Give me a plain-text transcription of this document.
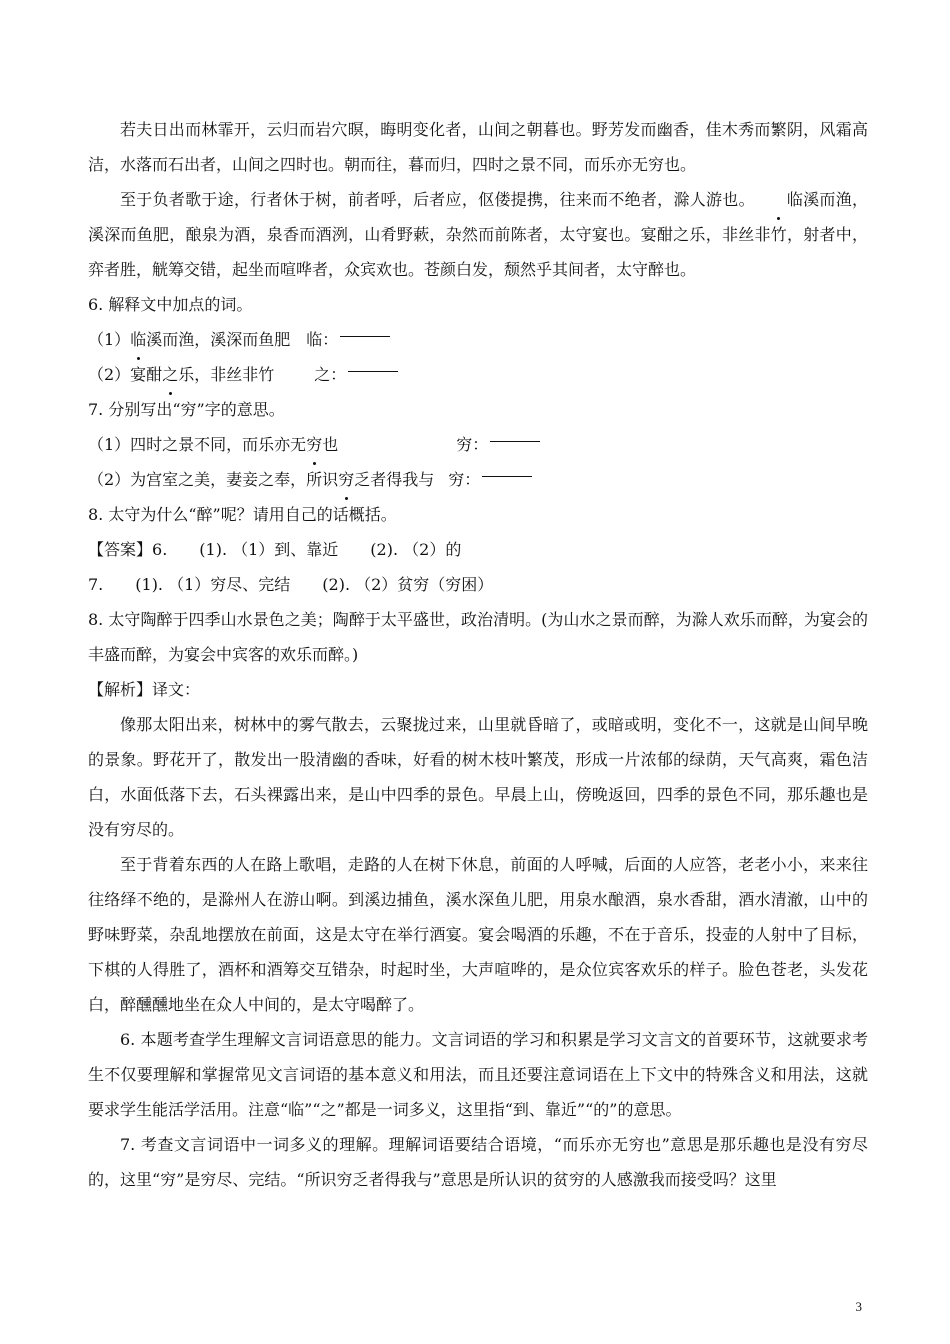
若夫日出而林霏开，云归而岩穴暝，晦明变化者，山间之朝暮也。野芳发而幽香，佳木秀而繁阴，风霜高洁，水落而石出者，山间之四时也。朝而往，暮而归，四时之景不同，而乐亦无穷也。

至于负者歌于途，行者休于树，前者呼，后者应，伛偻提携，往来而不绝者，滁人游也。 临溪而渔，溪深而鱼肥，酿泉为酒，泉香而酒洌，山肴野蔌，杂然而前陈者，太守宴也。宴酣之乐，非丝非竹，射者中，弈者胜，觥筹交错，起坐而喧哗者，众宾欢也。苍颜白发，颓然乎其间者，太守醉也。

6. 解释文中加点的词。

（1） 临 溪而渔，溪深而鱼肥 临：
（2）宴酣 之 乐，非丝非竹	之：

7. 分别写出“穷”字的意思。

（1）四时之景不同，而乐亦无 穷 也	穷：
（2）为宫室之美，妻妾之奉，所识 穷 乏者得我与 穷：

8. 太守为什么“醉”呢？请用自己的话概括。

【答案】6.　　(1). （1）到、靠近　　(2). （2）的

7.　　(1). （1）穷尽、完结　　(2). （2）贫穷（穷困）

8. 太守陶醉于四季山水景色之美；陶醉于太平盛世，政治清明。(为山水之景而醉，为滁人欢乐而醉，为宴会的丰盛而醉，为宴会中宾客的欢乐而醉。)

【解析】译文：

像那太阳出来，树林中的雾气散去，云聚拢过来，山里就昏暗了，或暗或明，变化不一，这就是山间早晚的景象。野花开了，散发出一股清幽的香味，好看的树木枝叶繁茂，形成一片浓郁的绿荫，天气高爽，霜色洁白，水面低落下去，石头裸露出来，是山中四季的景色。早晨上山，傍晚返回，四季的景色不同，那乐趣也是没有穷尽的。

至于背着东西的人在路上歌唱，走路的人在树下休息，前面的人呼喊，后面的人应答，老老小小，来来往往络绎不绝的，是滁州人在游山啊。到溪边捕鱼，溪水深鱼儿肥，用泉水酿酒，泉水香甜，酒水清澈，山中的野味野菜，杂乱地摆放在前面，这是太守在举行酒宴。宴会喝酒的乐趣，不在于音乐，投壶的人射中了目标，下棋的人得胜了，酒杯和酒筹交互错杂，时起时坐，大声喧哗的，是众位宾客欢乐的样子。脸色苍老，头发花白，醉醺醺地坐在众人中间的，是太守喝醉了。

6. 本题考查学生理解文言词语意思的能力。文言词语的学习和积累是学习文言文的首要环节，这就要求考生不仅要理解和掌握常见文言词语的基本意义和用法，而且还要注意词语在上下文中的特殊含义和用法，这就要求学生能活学活用。注意“临”“之”都是一词多义，这里指“到、靠近”“的”的意思。

7. 考查文言词语中一词多义的理解。理解词语要结合语境，“而乐亦无穷也”意思是那乐趣也是没有穷尽的，这里“穷”是穷尽、完结。“所识穷乏者得我与”意思是所认识的贫穷的人感激我而接受吗？这里

3
